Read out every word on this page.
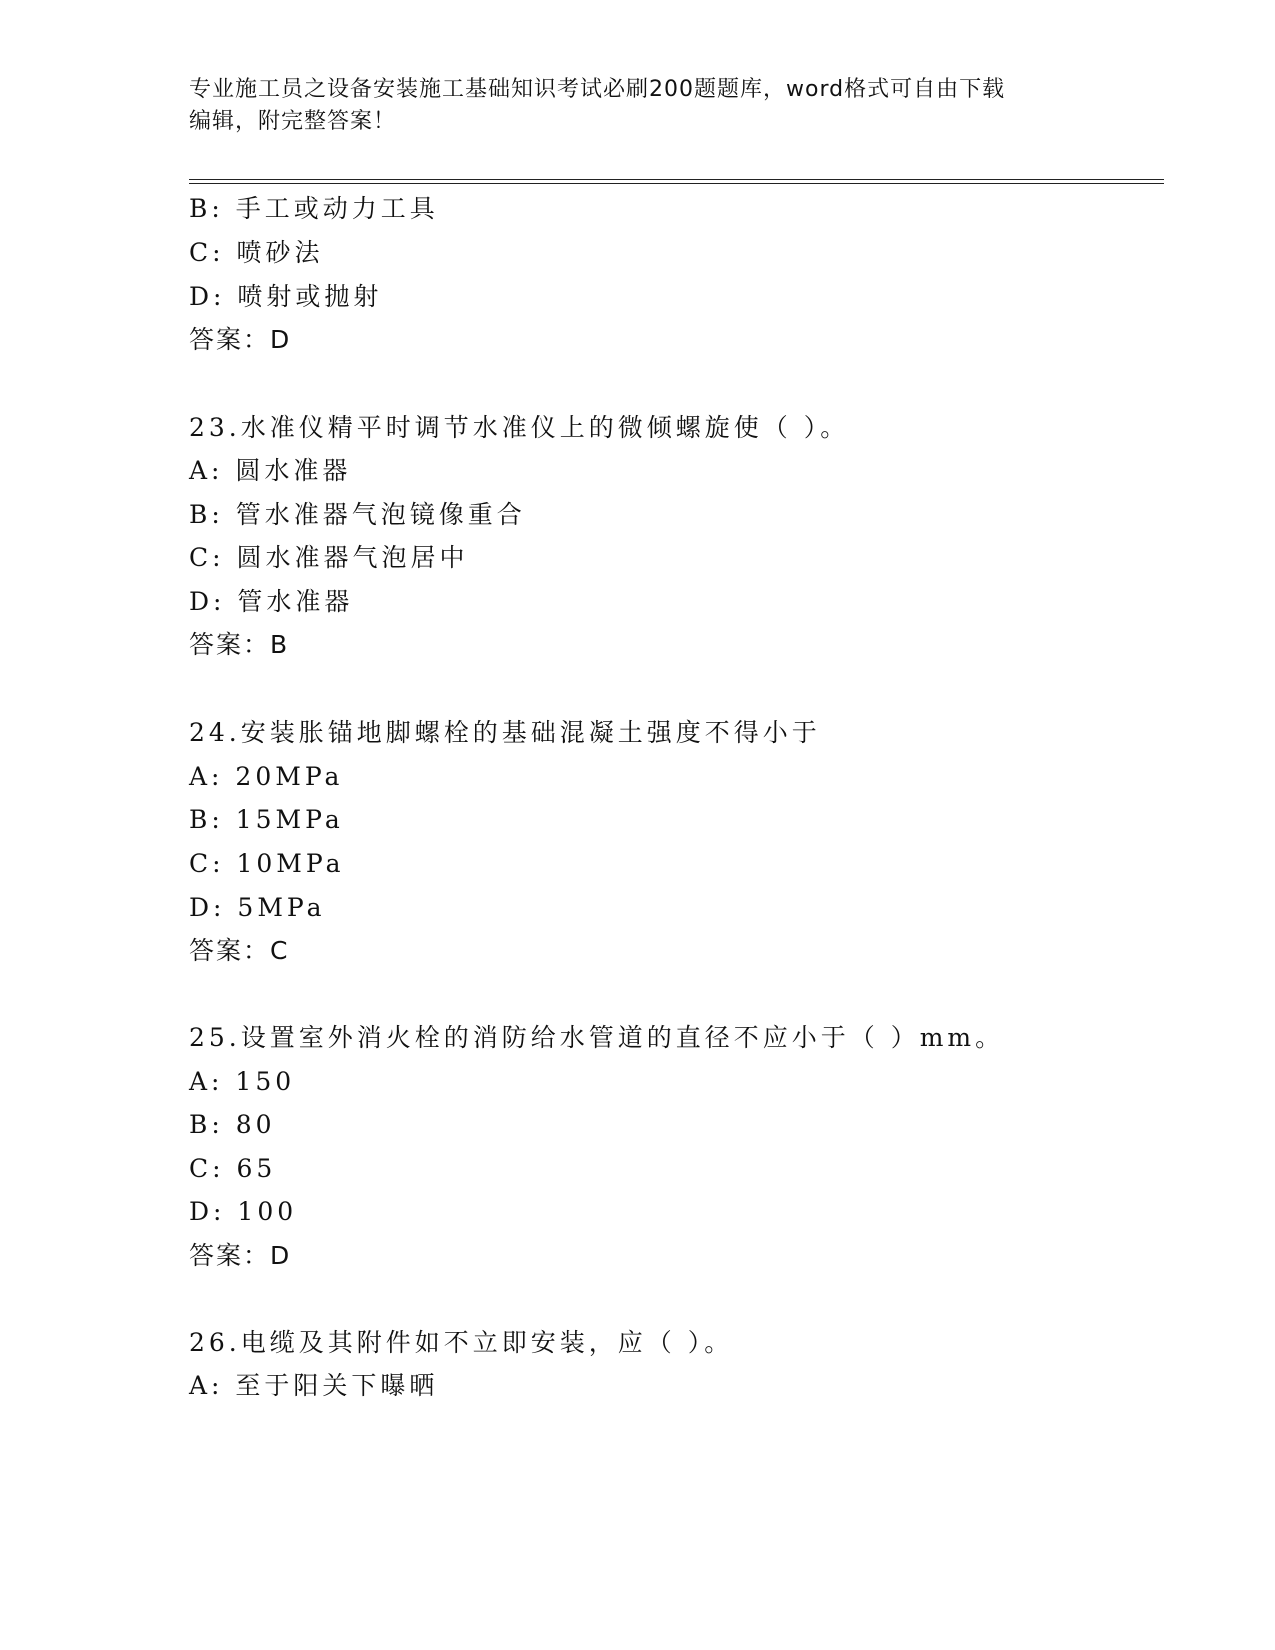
专业施工员之设备安装施工基础知识考试必刷200题题库，word格式可自由下载
编辑，附完整答案！
B: 手工或动力工具
C: 喷砂法
D: 喷射或抛射
答案：D
23.水准仪精平时调节水准仪上的微倾螺旋使（ ）。
A: 圆水准器
B: 管水准器气泡镜像重合
C: 圆水准器气泡居中
D: 管水准器
答案：B
24.安装胀锚地脚螺栓的基础混凝土强度不得小于
A: 20MPa
B: 15MPa
C: 10MPa
D: 5MPa
答案：C
25.设置室外消火栓的消防给水管道的直径不应小于（ ）mm。
A: 150
B: 80
C: 65
D: 100
答案：D
26.电缆及其附件如不立即安装，应（ ）。
A: 至于阳关下曝晒
